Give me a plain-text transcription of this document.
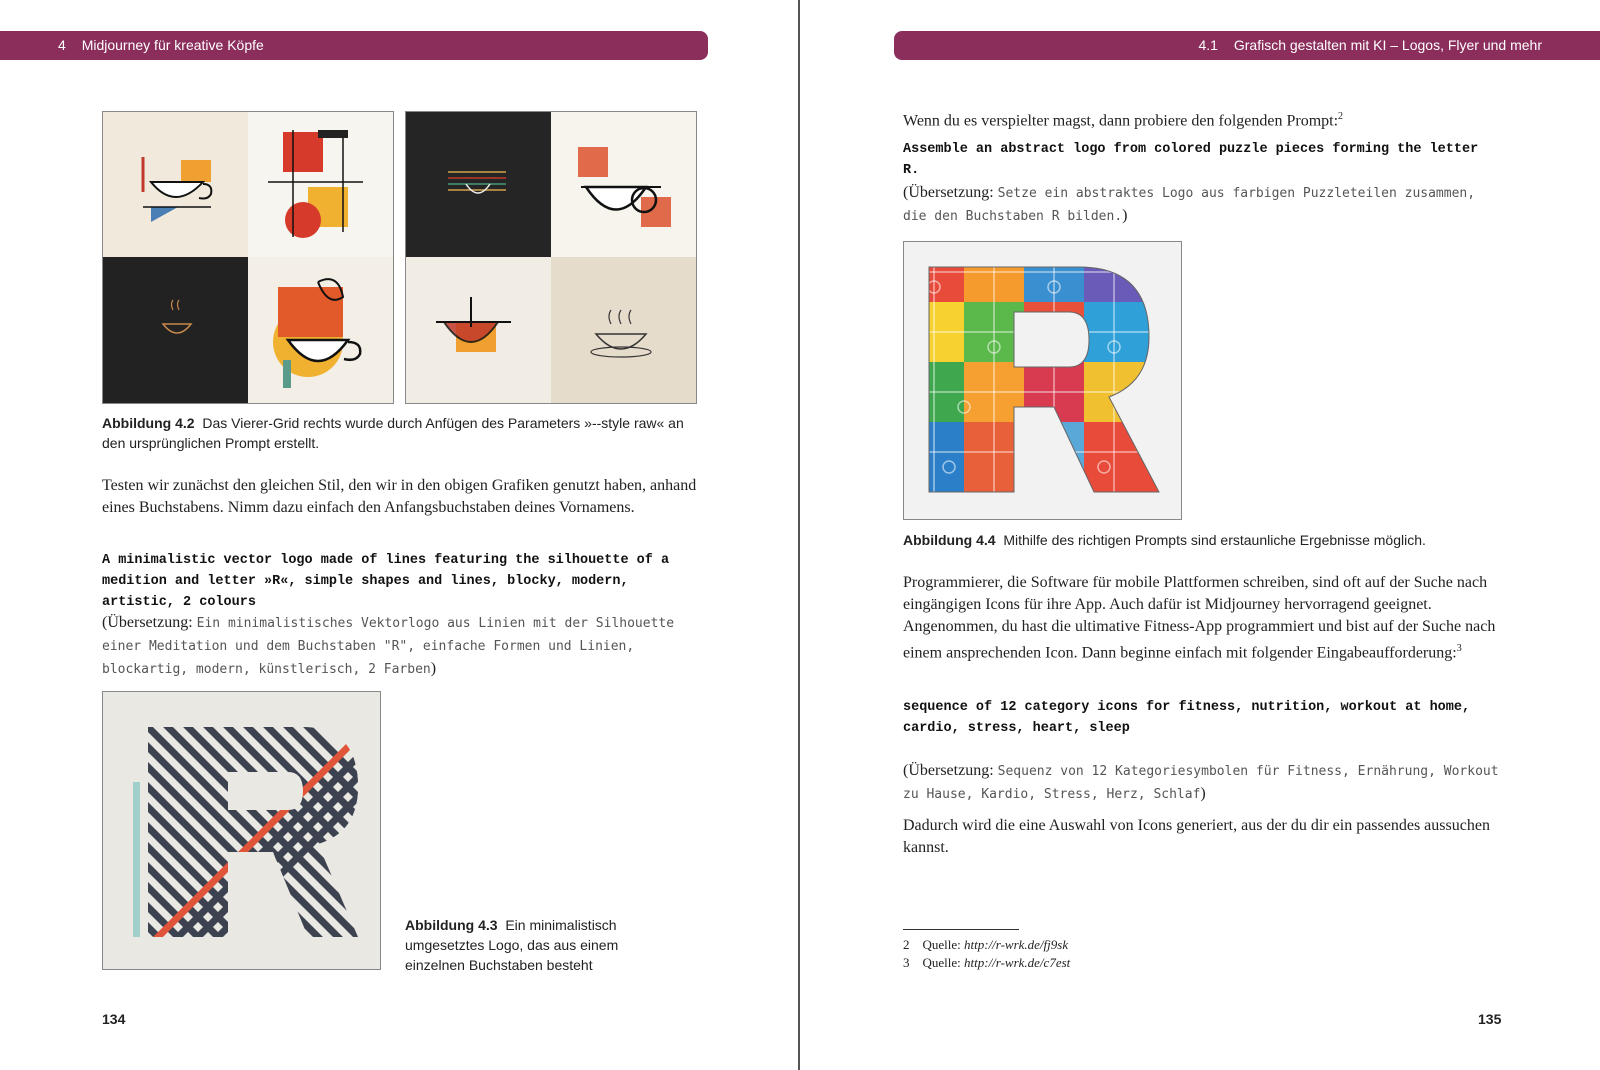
4 Midjourney für kreative Köpfe
Abbildung 4.2 Das Vierer-Grid rechts wurde durch Anfügen des Parameters »--style raw« an den ursprünglichen Prompt erstellt.
Testen wir zunächst den gleichen Stil, den wir in den obigen Grafiken genutzt haben, anhand eines Buchstabens. Nimm dazu einfach den Anfangsbuchstaben deines Vornamens.
A minimalistic vector logo made of lines featuring the silhouette of a medition and letter »R«, simple shapes and lines, blocky, modern, artistic, 2 colours
(Übersetzung: Ein minimalistisches Vektorlogo aus Linien mit der Silhouette einer Meditation und dem Buchstaben "R", einfache Formen und Linien, blockartig, modern, künstlerisch, 2 Farben)
Abbildung 4.3 Ein minimalistisch umgesetztes Logo, das aus einem einzelnen Buchstaben besteht
134
4.1 Grafisch gestalten mit KI – Logos, Flyer und mehr
Wenn du es verspielter magst, dann probiere den folgenden Prompt:$^2$
Assemble an abstract logo from colored puzzle pieces forming the letter R.
(Übersetzung: Setze ein abstraktes Logo aus farbigen Puzzleteilen zusammen, die den Buchstaben R bilden.)
Abbildung 4.4 Mithilfe des richtigen Prompts sind erstaunliche Ergebnisse möglich.
Programmierer, die Software für mobile Plattformen schreiben, sind oft auf der Suche nach eingängigen Icons für ihre App. Auch dafür ist Midjourney hervorragend geeignet. Angenommen, du hast die ultimative Fitness-App programmiert und bist auf der Suche nach einem ansprechenden Icon. Dann beginne einfach mit folgender Eingabeaufforderung:$^3$
sequence of 12 category icons for fitness, nutrition, workout at home, cardio, stress, heart, sleep
(Übersetzung: Sequenz von 12 Kategoriesymbolen für Fitness, Ernährung, Workout zu Hause, Kardio, Stress, Herz, Schlaf)
Dadurch wird die eine Auswahl von Icons generiert, aus der du dir ein passendes aussuchen kannst.
2 Quelle: http://r-wrk.de/fj9sk
3 Quelle: http://r-wrk.de/c7est
135
